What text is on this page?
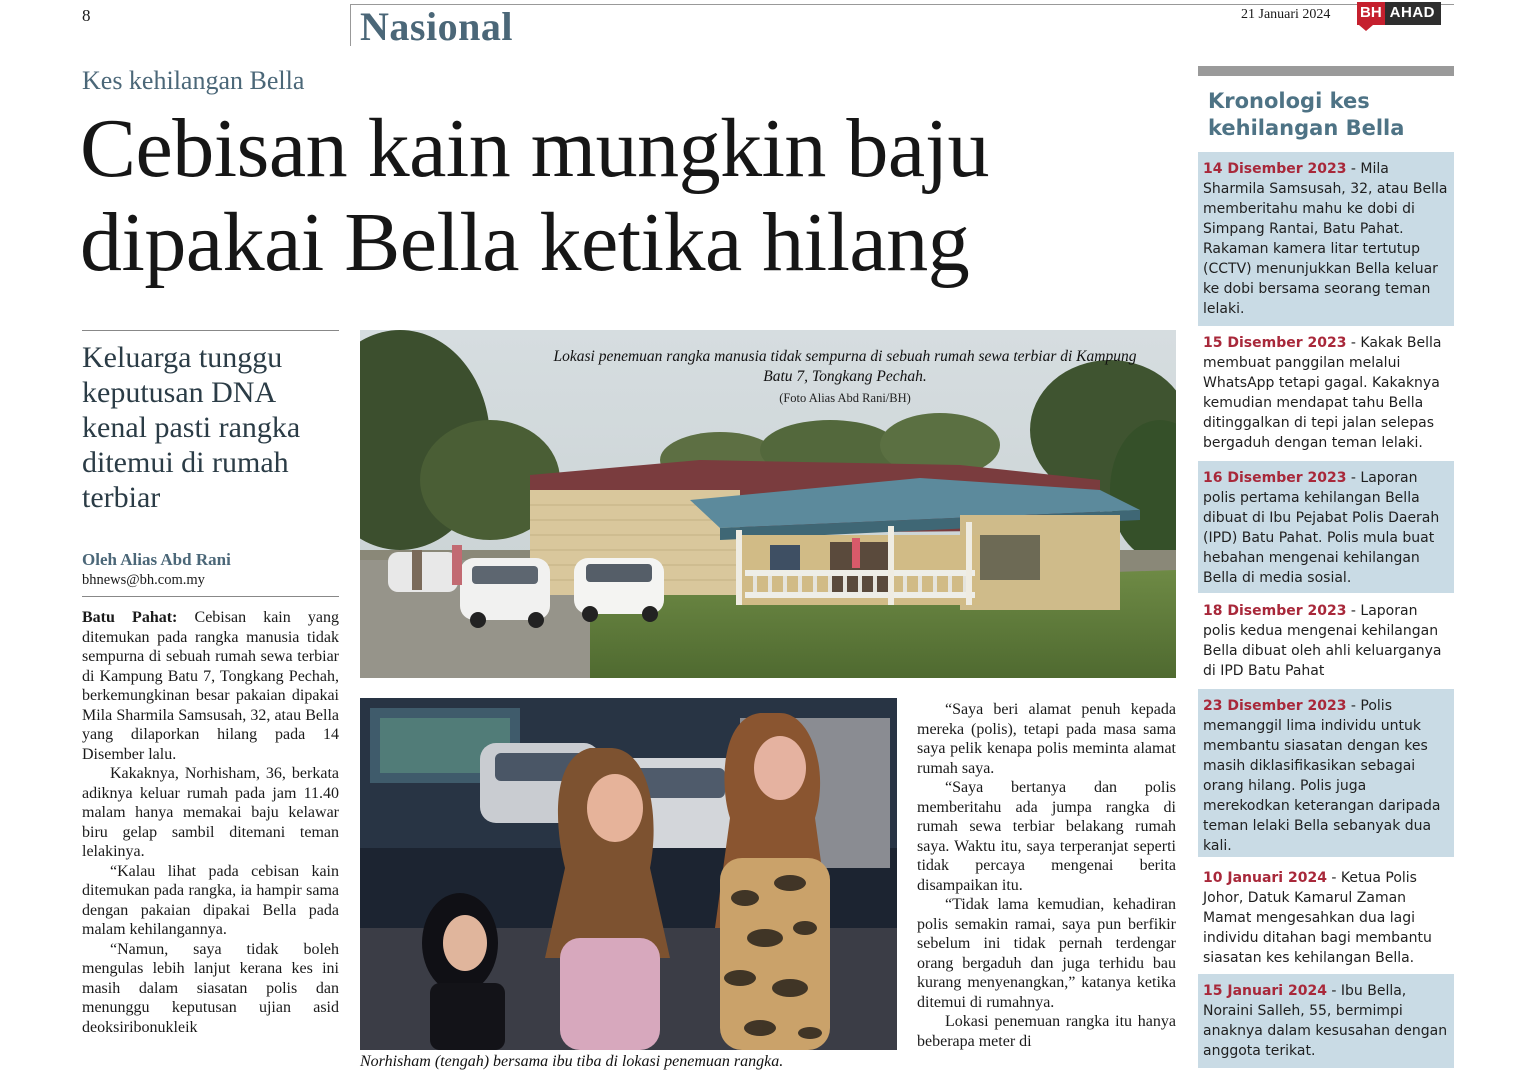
8	Nasional	21 Januari 2024 BH AHAD
Kes kehilangan Bella
Cebisan kain mungkin baju
dipakai Bella ketika hilang
Keluarga tunggu keputusan DNA kenal pasti rangka ditemui di rumah terbiar
Oleh Alias Abd Rani
bhnews@bh.com.my

Batu Pahat: Cebisan kain yang ditemukan pada rangka manusia tidak sempurna di sebuah rumah sewa terbiar di Kampung Batu 7, Tongkang Pechah, berkemungkinan besar pakaian dipakai Mila Sharmila Samsusah, 32, atau Bella yang dilaporkan hilang pada 14 Disember lalu.

Kakaknya, Norhisham, 36, berkata adiknya keluar rumah pada jam 11.40 malam hanya memakai baju kelawar biru gelap sambil ditemani teman lelakinya.

“Kalau lihat pada cebisan kain ditemukan pada rangka, ia hampir sama dengan pakaian dipakai Bella pada malam kehilangannya.

“Namun, saya tidak boleh mengulas lebih lanjut kerana kes ini masih dalam siasatan polis dan menunggu keputusan ujian asid deoksiribonukleik

Lokasi penemuan rangka manusia tidak sempurna di sebuah rumah sewa terbiar di Kampung Batu 7, Tongkang Pechah.
(Foto Alias Abd Rani/BH)
Norhisham (tengah) bersama ibu tiba di lokasi penemuan rangka.

“Saya beri alamat penuh kepada mereka (polis), tetapi pada masa sama saya pelik kenapa polis meminta alamat rumah saya.

“Saya bertanya dan polis memberitahu ada jumpa rangka di rumah sewa terbiar belakang rumah saya. Waktu itu, saya terperanjat seperti tidak percaya mengenai berita disampaikan itu.

“Tidak lama kemudian, kehadiran polis semakin ramai, saya pun berfikir sebelum ini tidak pernah terdengar orang bergaduh dan juga terhidu bau kurang menyenangkan,” katanya ketika ditemui di rumahnya.

Lokasi penemuan rangka itu hanya beberapa meter di

Kronologi kes kehilangan Bella
14 Disember 2023 - Mila Sharmila Samsusah, 32, atau Bella memberitahu mahu ke dobi di Simpang Rantai, Batu Pahat. Rakaman kamera litar tertutup (CCTV) menunjukkan Bella keluar ke dobi bersama seorang teman lelaki.
15 Disember 2023 - Kakak Bella membuat panggilan melalui WhatsApp tetapi gagal. Kakaknya kemudian mendapat tahu Bella ditinggalkan di tepi jalan selepas bergaduh dengan teman lelaki.
16 Disember 2023 - Laporan polis pertama kehilangan Bella dibuat di Ibu Pejabat Polis Daerah (IPD) Batu Pahat. Polis mula buat hebahan mengenai kehilangan Bella di media sosial.
18 Disember 2023 - Laporan polis kedua mengenai kehilangan Bella dibuat oleh ahli keluarganya di IPD Batu Pahat
23 Disember 2023 - Polis memanggil lima individu untuk membantu siasatan dengan kes masih diklasifikasikan sebagai orang hilang. Polis juga merekodkan keterangan daripada teman lelaki Bella sebanyak dua kali.
10 Januari 2024 - Ketua Polis Johor, Datuk Kamarul Zaman Mamat mengesahkan dua lagi individu ditahan bagi membantu siasatan kes kehilangan Bella.
15 Januari 2024 - Ibu Bella, Noraini Salleh, 55, bermimpi anaknya dalam kesusahan dengan anggota terikat.
